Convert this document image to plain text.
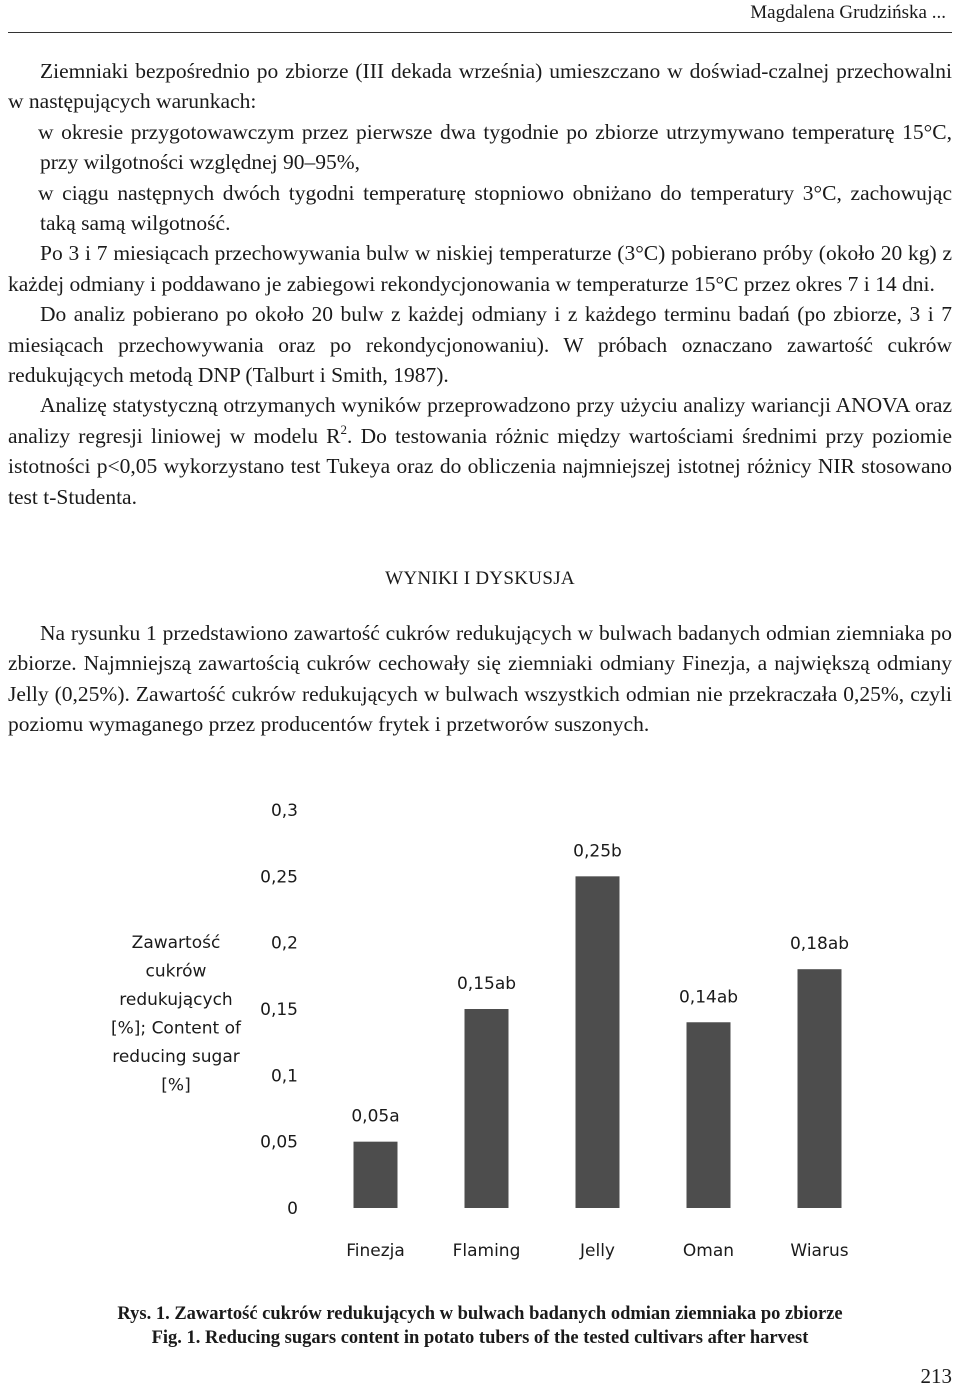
Magdalena Grudzińska ...

Ziemniaki bezpośrednio po zbiorze (III dekada września) umieszczano w doświad-czalnej przechowalni w następujących warunkach:

w okresie przygotowawczym przez pierwsze dwa tygodnie po zbiorze utrzymywano temperaturę 15°C, przy wilgotności względnej 90–95%,

w ciągu następnych dwóch tygodni temperaturę stopniowo obniżano do temperatury 3°C, zachowując taką samą wilgotność.

Po 3 i 7 miesiącach przechowywania bulw w niskiej temperaturze (3°C) pobierano próby (około 20 kg) z każdej odmiany i poddawano je zabiegowi rekondycjonowania w temperaturze 15°C przez okres 7 i 14 dni.

Do analiz pobierano po około 20 bulw z każdej odmiany i z każdego terminu badań (po zbiorze, 3 i 7 miesiącach przechowywania oraz po rekondycjonowaniu). W próbach oznaczano zawartość cukrów redukujących metodą DNP (Talburt i Smith, 1987).

Analizę statystyczną otrzymanych wyników przeprowadzono przy użyciu analizy wariancji ANOVA oraz analizy regresji liniowej w modelu $R^2$. Do testowania różnic między wartościami średnimi przy poziomie istotności p<0,05 wykorzystano test Tukeya oraz do obliczenia najmniejszej istotnej różnicy NIR stosowano test t-Studenta.

WYNIKI I DYSKUSJA

Na rysunku 1 przedstawiono zawartość cukrów redukujących w bulwach badanych odmian ziemniaka po zbiorze. Najmniejszą zawartością cukrów cechowały się ziemniaki odmiany Finezja, a największą odmiany Jelly (0,25%). Zawartość cukrów redukujących w bulwach wszystkich odmian nie przekraczała 0,25%, czyli poziomu wymaganego przez producentów frytek i przetworów suszonych.

Zawartość
cukrów
redukujących
[%]; Content of
reducing sugar
[%]
0
0,05
0,1
0,15
0,2
0,25
0,3
0,05a
0,15ab
0,25b
0,14ab
0,18ab
Finezja	Flaming	Jelly	Oman	Wiarus
Rys. 1. Zawartość cukrów redukujących w bulwach badanych odmian ziemniaka po zbiorze
Fig. 1. Reducing sugars content in potato tubers of the tested cultivars after harvest
213
